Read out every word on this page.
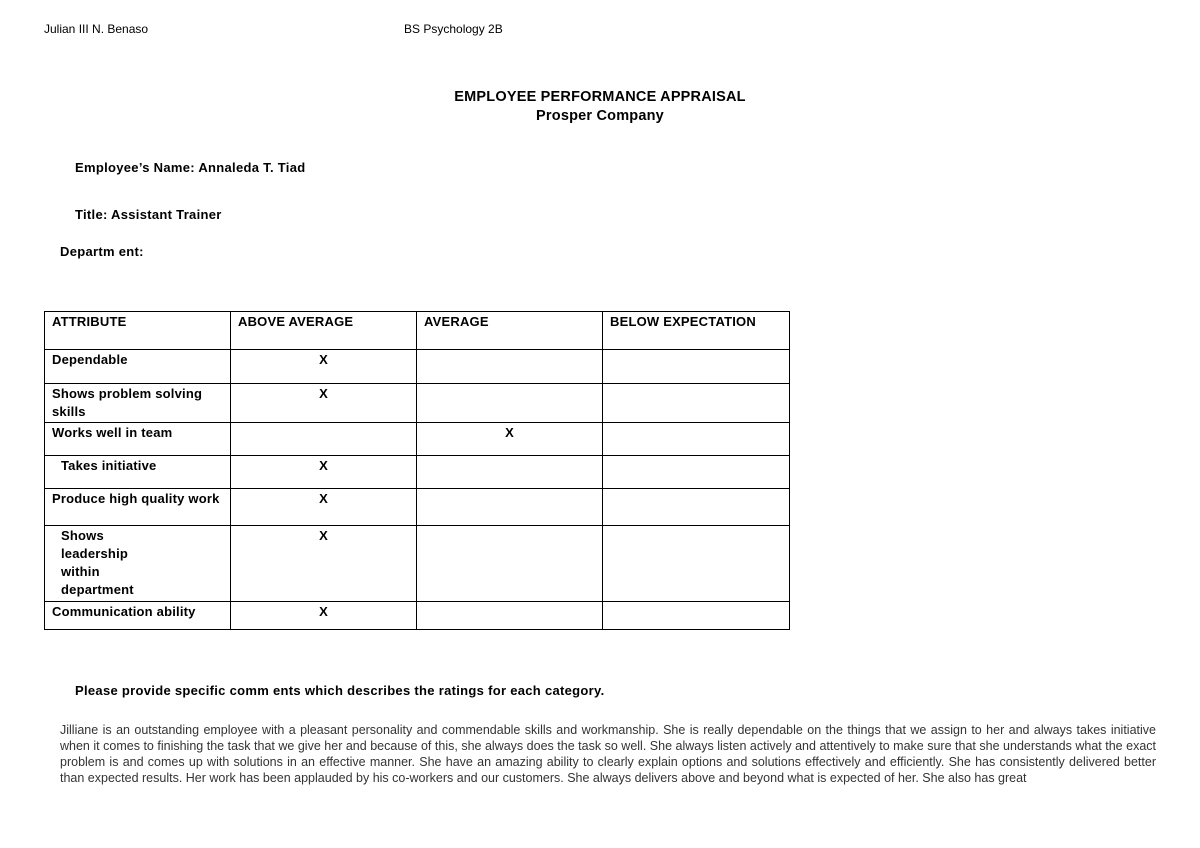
Julian III N. Benaso	BS Psychology 2B
EMPLOYEE PERFORMANCE APPRAISAL
Prosper Company
Employee’s Name: Annaleda T. Tiad
Title: Assistant Trainer
Departm ent:
ATTRIBUTE	ABOVE AVERAGE	AVERAGE	BELOW EXPECTATION
Dependable	X		
Shows problem solving skills	X		
Works well in team		X	
Takes initiative	X		
Produce high quality work	X		
Shows leadership within department	X		
Communication ability	X		
Please provide specific comm ents which describes the ratings for each category.
Jilliane is an outstanding employee with a pleasant personality and commendable skills and workmanship. She is really dependable on the things that we assign to her and always takes initiative when it comes to finishing the task that we give her and because of this, she always does the task so well. She always listen actively and attentively to make sure that she understands what the exact problem is and comes up with solutions in an effective manner. She have an amazing ability to clearly explain options and solutions effectively and efficiently. She has consistently delivered better than expected results. Her work has been applauded by his co-workers and our customers. She always delivers above and beyond what is expected of her. She also has great
